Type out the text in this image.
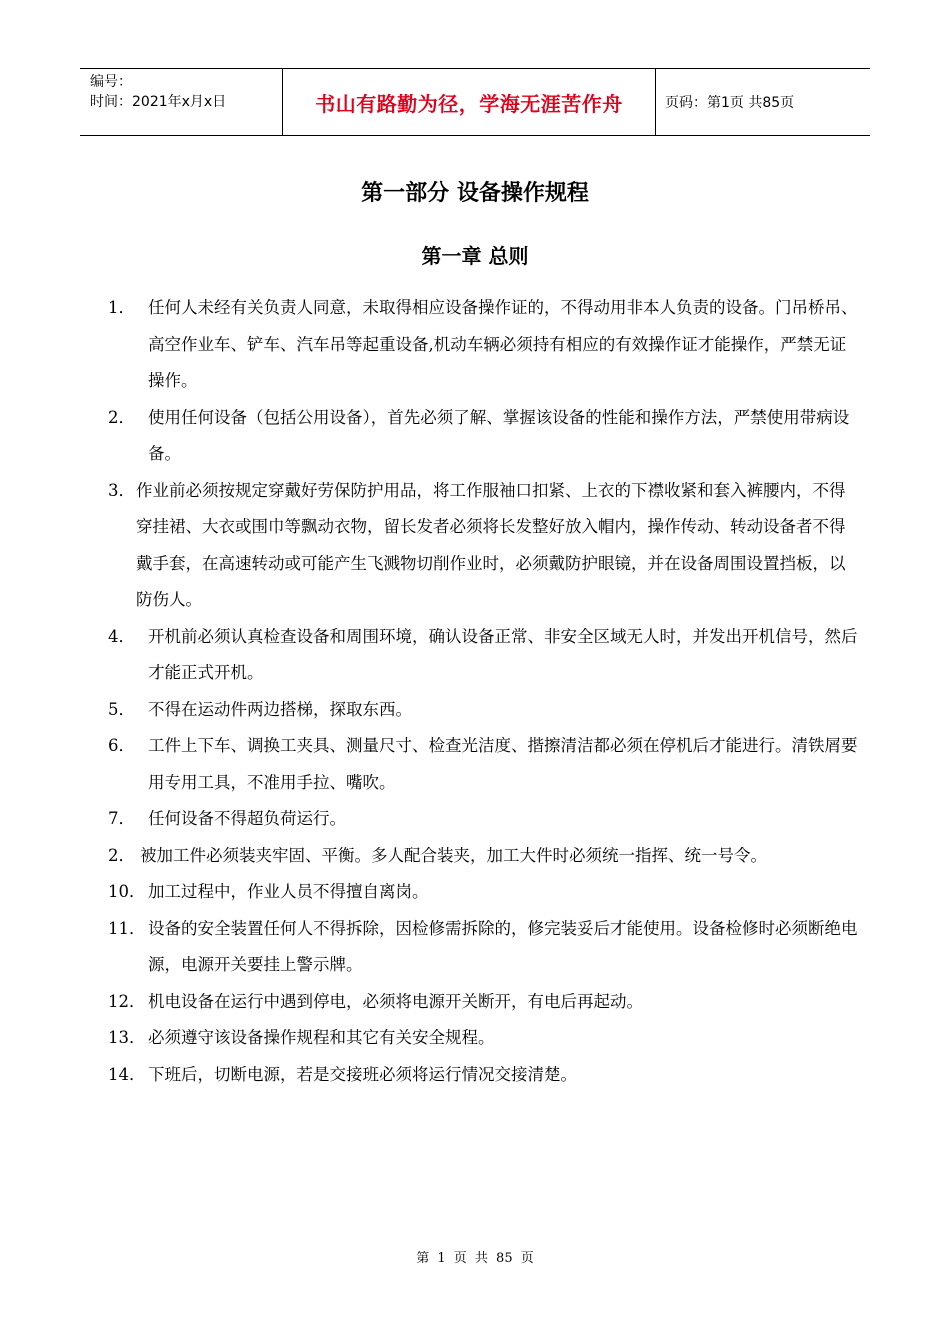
编号：
时间：2021年x月x日	书山有路勤为径，学海无涯苦作舟	页码：第1页 共85页
第一部分 设备操作规程
第一章 总则
1． 任何人未经有关负责人同意，未取得相应设备操作证的，不得动用非本人负责的设备。门吊桥吊、高空作业车、铲车、汽车吊等起重设备,机动车辆必须持有相应的有效操作证才能操作，严禁无证操作。
2． 使用任何设备（包括公用设备），首先必须了解、掌握该设备的性能和操作方法，严禁使用带病设备。
3． 作业前必须按规定穿戴好劳保防护用品，将工作服袖口扣紧、上衣的下襟收紧和套入裤腰内，不得穿挂裙、大衣或围巾等飘动衣物，留长发者必须将长发整好放入帽内，操作传动、转动设备者不得戴手套，在高速转动或可能产生飞溅物切削作业时，必须戴防护眼镜，并在设备周围设置挡板，以防伤人。
4． 开机前必须认真检查设备和周围环境，确认设备正常、非安全区域无人时，并发出开机信号，然后才能正式开机。
5． 不得在运动件两边搭梯，探取东西。
6． 工件上下车、调换工夹具、测量尺寸、检查光洁度、揩擦清洁都必须在停机后才能进行。清铁屑要用专用工具，不准用手拉、嘴吹。
7． 任何设备不得超负荷运行。
2． 被加工件必须装夹牢固、平衡。多人配合装夹，加工大件时必须统一指挥、统一号令。
10． 加工过程中，作业人员不得擅自离岗。
11． 设备的安全装置任何人不得拆除，因检修需拆除的，修完装妥后才能使用。设备检修时必须断绝电源，电源开关要挂上警示牌。
12． 机电设备在运行中遇到停电，必须将电源开关断开，有电后再起动。
13． 必须遵守该设备操作规程和其它有关安全规程。
14． 下班后，切断电源，若是交接班必须将运行情况交接清楚。
第 1 页 共 85 页
